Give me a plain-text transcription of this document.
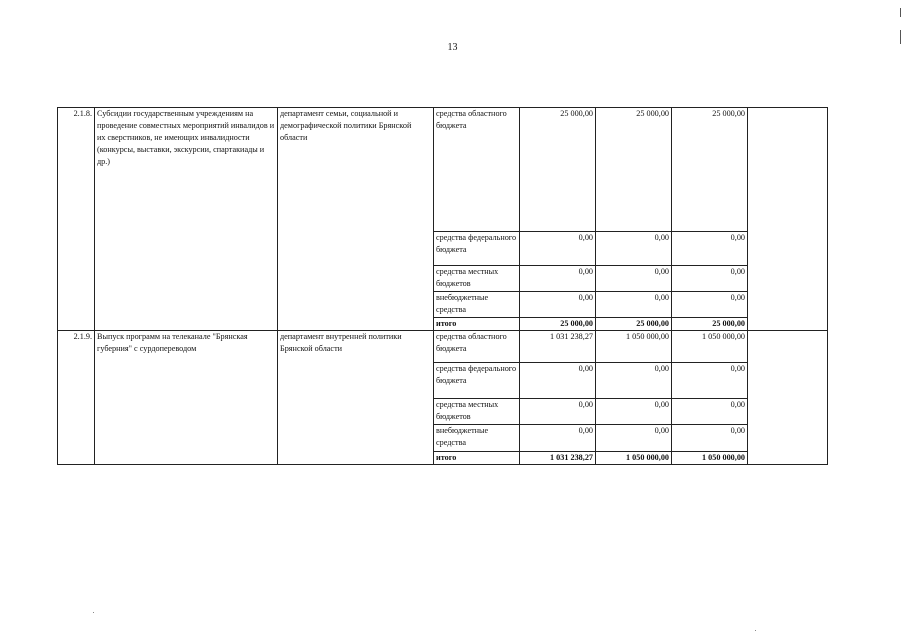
13
2.1.8.	Субсидии государственным учреждениям на проведение совместных мероприятий инвалидов и их сверстников, не имеющих инвалидности (конкурсы, выставки, экскурсии, спартакиады и др.)	департамент семьи, социальной и демографической политики Брянской области	средства областного бюджета	25 000,00	25 000,00	25 000,00	
			средства федерального бюджета	0,00	0,00	0,00	
			средства местных бюджетов	0,00	0,00	0,00	
			внебюджетные средства	0,00	0,00	0,00	
			итого	25 000,00	25 000,00	25 000,00	
2.1.9.	Выпуск программ на телеканале "Брянская губерния" с сурдопереводом	департамент внутренней политики Брянской области	средства областного бюджета	1 031 238,27	1 050 000,00	1 050 000,00	
			средства федерального бюджета	0,00	0,00	0,00	
			средства местных бюджетов	0,00	0,00	0,00	
			внебюджетные средства	0,00	0,00	0,00	
			итого	1 031 238,27	1 050 000,00	1 050 000,00	
